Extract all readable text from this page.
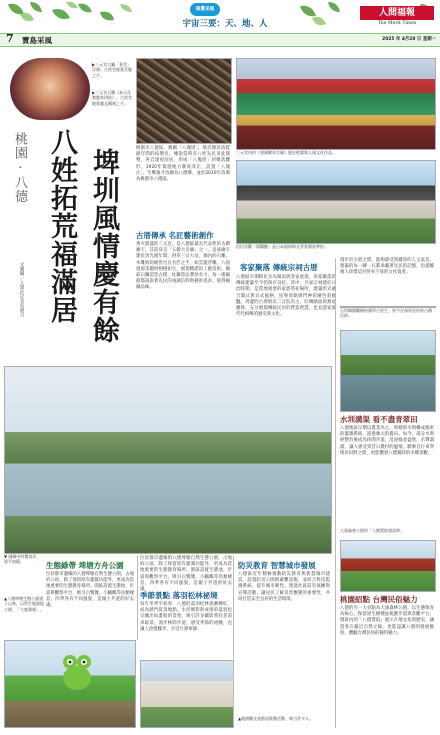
視覺采風
宇宙三要：天、地、人
人間福報
The Merit Times
7 寶島采風	2025 年 4月28 日 星期一
▶三元宮大廳「景雲」浮刻；古迹官陵墓雲龍之手。
▶三元宮石雕《真天化教龍家四柱》，古迹官陵墓龍及鳳凰之手。
桃園 · 八德 八姓拓荒福滿居 埤圳風情慶有餘
文圖攝／人間社記者吳連月
三元宮內的《建國鄉貢宗廟》歷史壁畫與人頭文化作品。
桃園市八德區，舊稱「八塊厝」，地名源於清乾隆年間的拓墾史。傳說當時有八姓先民來此開墾，各自建屋而居，形成「八塊厝」的聚落雛形。1920年實施地方制度改正，設置「八塊庄」，至戰後才改稱為八德鄉，並於2010年改制為桃園市八德區。
古厝傳承 名匠藝術創作
香火鼎盛的三元宮，是八德區最具代表性的古蹟廟宇，其前身是「五穀大帝廟」之一。這座廟宇建於清光緒年間，供奉三官大帝，廟內的石雕、木雕與彩繪皆出自名匠之手，如雲龍浮雕、八仙過海等題材栩栩如生，展現精湛的工藝技術。廟前石獅造型古樸，柱聯書法蒼勁有力，每一處細節都訴說著先民的虔誠信仰與藝術追求，值得細細品味。
招招宮觀「辯醫醒」是日本偵探時光背景開放參拍。
客家聚落 傳統宗祠古厝
八德區早期移民多為閩南與客家族群，客家聚落的傳統建築至今仍保存良好。其中，呂家宗祠建於日治時期，是當地重要的家族祭祀場所，建築形式融合閩式與日式風格，屋脊剪黏與門神彩繪色彩鮮豔。周邊的古厝群以三合院為主，紅磚牆面與燕尾翹脊，充分展現傳統民居的營造智慧，也見證家族代代相傳的歷史與文化。
漫步於古厝之間，能夠感受到濃厚的人文氣息。建築的每一磚一瓦都承載著先民的記憶，也提醒後人珍惜這份得來不易的文化資產。
石得韓總觀樹的國學古迹生。皆令在保留見於的古蹟信仰。
▼ 國韓中的雙宿於，浚平如鏡。
水圳溝渠 看不盡青翠田
八德地區早期以農業為主，埤塘與水圳構成綿密的灌溉系統，滋養廣大的農田。如今，部分水圳經整治後成為休閒步道，沿途綠意盎然，水聲潺潺，讓人感受到昔日農村的風情。騎乘自行車穿梭於田野之間，更能體會八德獨特的水鄉景觀。
生態綠帶 埤塘方舟公園
位於都市邊緣的八德埤塘自然生態公園，占地約公頃，除了保留原有灌溉功能外，更成為當地重要的生態教育場所。園區設置生態池、步道與觀察平台，吸引白鷺鷥、小鸊鷉等鳥類棲息，四季各有不同風貌，是親子共遊的好去處。
▲八德埤塘生態公園建立以來，以然生態濕地公園，「大鹿湖埔」。
季節景點 落羽松林祕境
每年冬季至初春，八德的落羽松林逐漸轉紅，成為熱門賞景地點。水岸倒影與成排的落羽松交織出如畫般的景致，吸引許多攝影愛好者前來取景。漫步林間步道，感受季節的流轉，也讓人放慢腳步，享受片刻寧靜。
位於都市邊緣的八德埤塘自然生態公園，占地約公頃，除了保留原有灌溉功能外，更成為當地重要的生態教育場所。園區設置生態池、步道與觀察平台，吸引白鷺鷥、小鸊鷉等鳥類棲息，四季各有不同風貌，是親子共遊的好去處。
防災教育 智慧城市發展
八德區近年積極推動防災教育與智慧城市建設，設置防災公園與避難設施，並結合科技監測系統，提升城市韌性。透過社區防災演練與宣導活動，讓居民了解災害應變的重要性，共同打造安全宜居的生活環境。
▲桃園觀光夜節設歌動活動，吸引許多人。
大湳森林公園的「八德賈院建設時」
桃園紹點 台灣民俗魅力
八德的另一大亮點為大湳森林公園，以生態保育為核心，保留原生樹種並規劃步道與景觀平台。園區內的「八德賈院」展示在地文化與歷史，讓遊客在親近自然之餘，也能認識八德的發展脈絡，體驗台灣民俗的獨特魅力。
